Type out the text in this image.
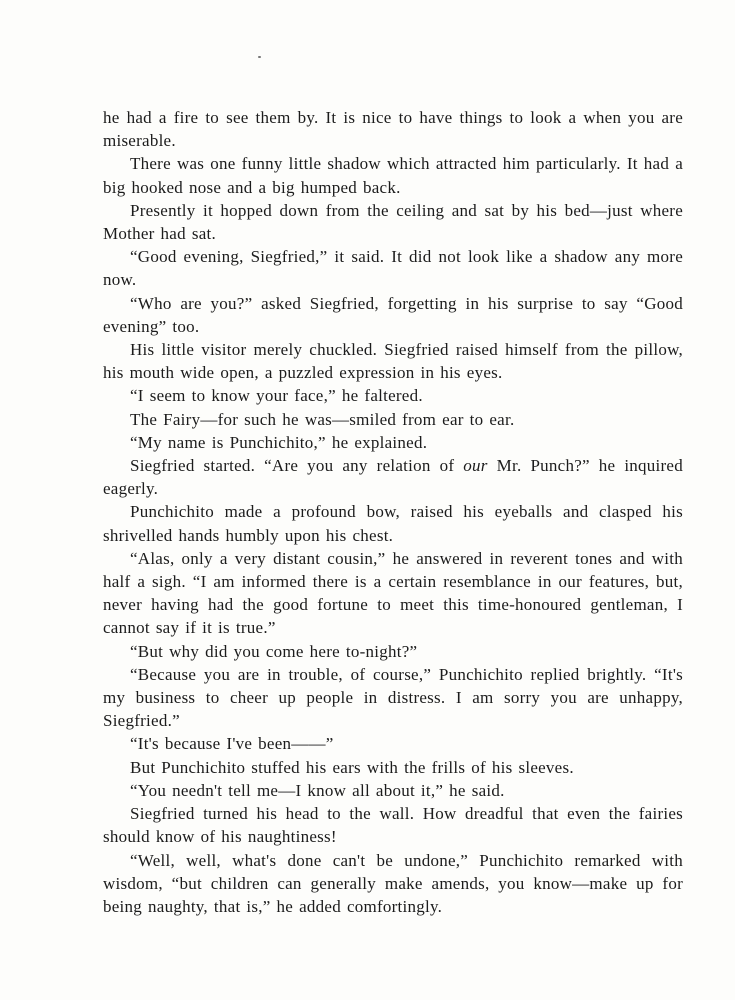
he had a fire to see them by. It is nice to have things to look a when you are miserable.

There was one funny little shadow which attracted him particularly. It had a big hooked nose and a big humped back.

Presently it hopped down from the ceiling and sat by his bed—just where Mother had sat.

“Good evening, Siegfried,” it said. It did not look like a shadow any more now.

“Who are you?” asked Siegfried, forgetting in his surprise to say “Good evening” too.

His little visitor merely chuckled. Siegfried raised himself from the pillow, his mouth wide open, a puzzled expression in his eyes.

“I seem to know your face,” he faltered.

The Fairy—for such he was—smiled from ear to ear.

“My name is Punchichito,” he explained.

Siegfried started. “Are you any relation of our Mr. Punch?” he inquired eagerly.

Punchichito made a profound bow, raised his eyeballs and clasped his shrivelled hands humbly upon his chest.

“Alas, only a very distant cousin,” he answered in reverent tones and with half a sigh. “I am informed there is a certain resemblance in our features, but, never having had the good fortune to meet this time-honoured gentleman, I cannot say if it is true.”

“But why did you come here to-night?”

“Because you are in trouble, of course,” Punchichito replied brightly. “It's my business to cheer up people in distress. I am sorry you are unhappy, Siegfried.”

“It's because I've been——”

But Punchichito stuffed his ears with the frills of his sleeves.

“You needn't tell me—I know all about it,” he said.

Siegfried turned his head to the wall. How dreadful that even the fairies should know of his naughtiness!

“Well, well, what's done can't be undone,” Punchichito remarked with wisdom, “but children can generally make amends, you know—make up for being naughty, that is,” he added comfortingly.
